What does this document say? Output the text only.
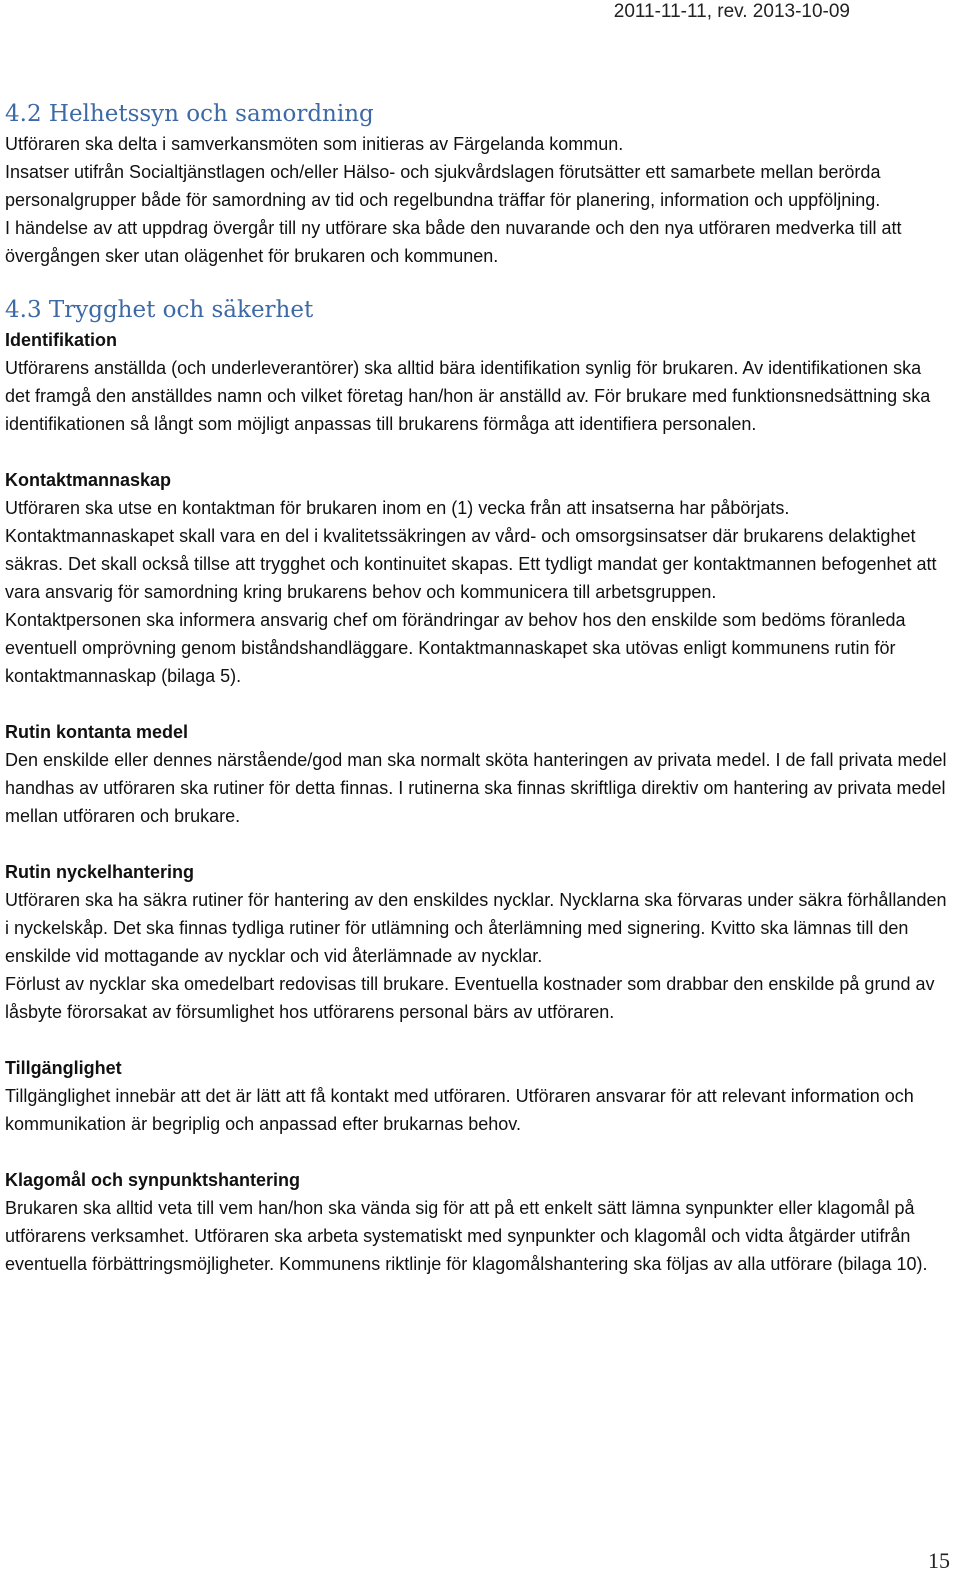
2011-11-11, rev. 2013-10-09
4.2 Helhetssyn och samordning

Utföraren ska delta i samverkansmöten som initieras av Färgelanda kommun.

Insatser utifrån Socialtjänstlagen och/eller Hälso- och sjukvårdslagen förutsätter ett samarbete mellan berörda personalgrupper både för samordning av tid och regelbundna träffar för planering, information och uppföljning.

I händelse av att uppdrag övergår till ny utförare ska både den nuvarande och den nya utföraren medverka till att övergången sker utan olägenhet för brukaren och kommunen.

4.3 Trygghet och säkerhet
Identifikation

Utförarens anställda (och underleverantörer) ska alltid bära identifikation synlig för brukaren. Av identifikationen ska det framgå den anställdes namn och vilket företag han/hon är anställd av. För brukare med funktionsnedsättning ska identifikationen så långt som möjligt anpassas till brukarens förmåga att identifiera personalen.

Kontaktmannaskap

Utföraren ska utse en kontaktman för brukaren inom en (1) vecka från att insatserna har påbörjats. Kontaktmannaskapet skall vara en del i kvalitetssäkringen av vård- och omsorgsinsatser där brukarens delaktighet säkras. Det skall också tillse att trygghet och kontinuitet skapas. Ett tydligt mandat ger kontaktmannen befogenhet att vara ansvarig för samordning kring brukarens behov och kommunicera till arbetsgruppen.

Kontaktpersonen ska informera ansvarig chef om förändringar av behov hos den enskilde som bedöms föranleda eventuell omprövning genom biståndshandläggare. Kontaktmannaskapet ska utövas enligt kommunens rutin för kontaktmannaskap (bilaga 5).

Rutin kontanta medel

Den enskilde eller dennes närstående/god man ska normalt sköta hanteringen av privata medel. I de fall privata medel handhas av utföraren ska rutiner för detta finnas. I rutinerna ska finnas skriftliga direktiv om hantering av privata medel mellan utföraren och brukare.

Rutin nyckelhantering

Utföraren ska ha säkra rutiner för hantering av den enskildes nycklar. Nycklarna ska förvaras under säkra förhållanden i nyckelskåp. Det ska finnas tydliga rutiner för utlämning och återlämning med signering. Kvitto ska lämnas till den enskilde vid mottagande av nycklar och vid återlämnade av nycklar.

Förlust av nycklar ska omedelbart redovisas till brukare. Eventuella kostnader som drabbar den enskilde på grund av låsbyte förorsakat av försumlighet hos utförarens personal bärs av utföraren.

Tillgänglighet

Tillgänglighet innebär att det är lätt att få kontakt med utföraren. Utföraren ansvarar för att relevant information och kommunikation är begriplig och anpassad efter brukarnas behov.

Klagomål och synpunktshantering

Brukaren ska alltid veta till vem han/hon ska vända sig för att på ett enkelt sätt lämna synpunkter eller klagomål på utförarens verksamhet. Utföraren ska arbeta systematiskt med synpunkter och klagomål och vidta åtgärder utifrån eventuella förbättringsmöjligheter. Kommunens riktlinje för klagomålshantering ska följas av alla utförare (bilaga 10).

15
